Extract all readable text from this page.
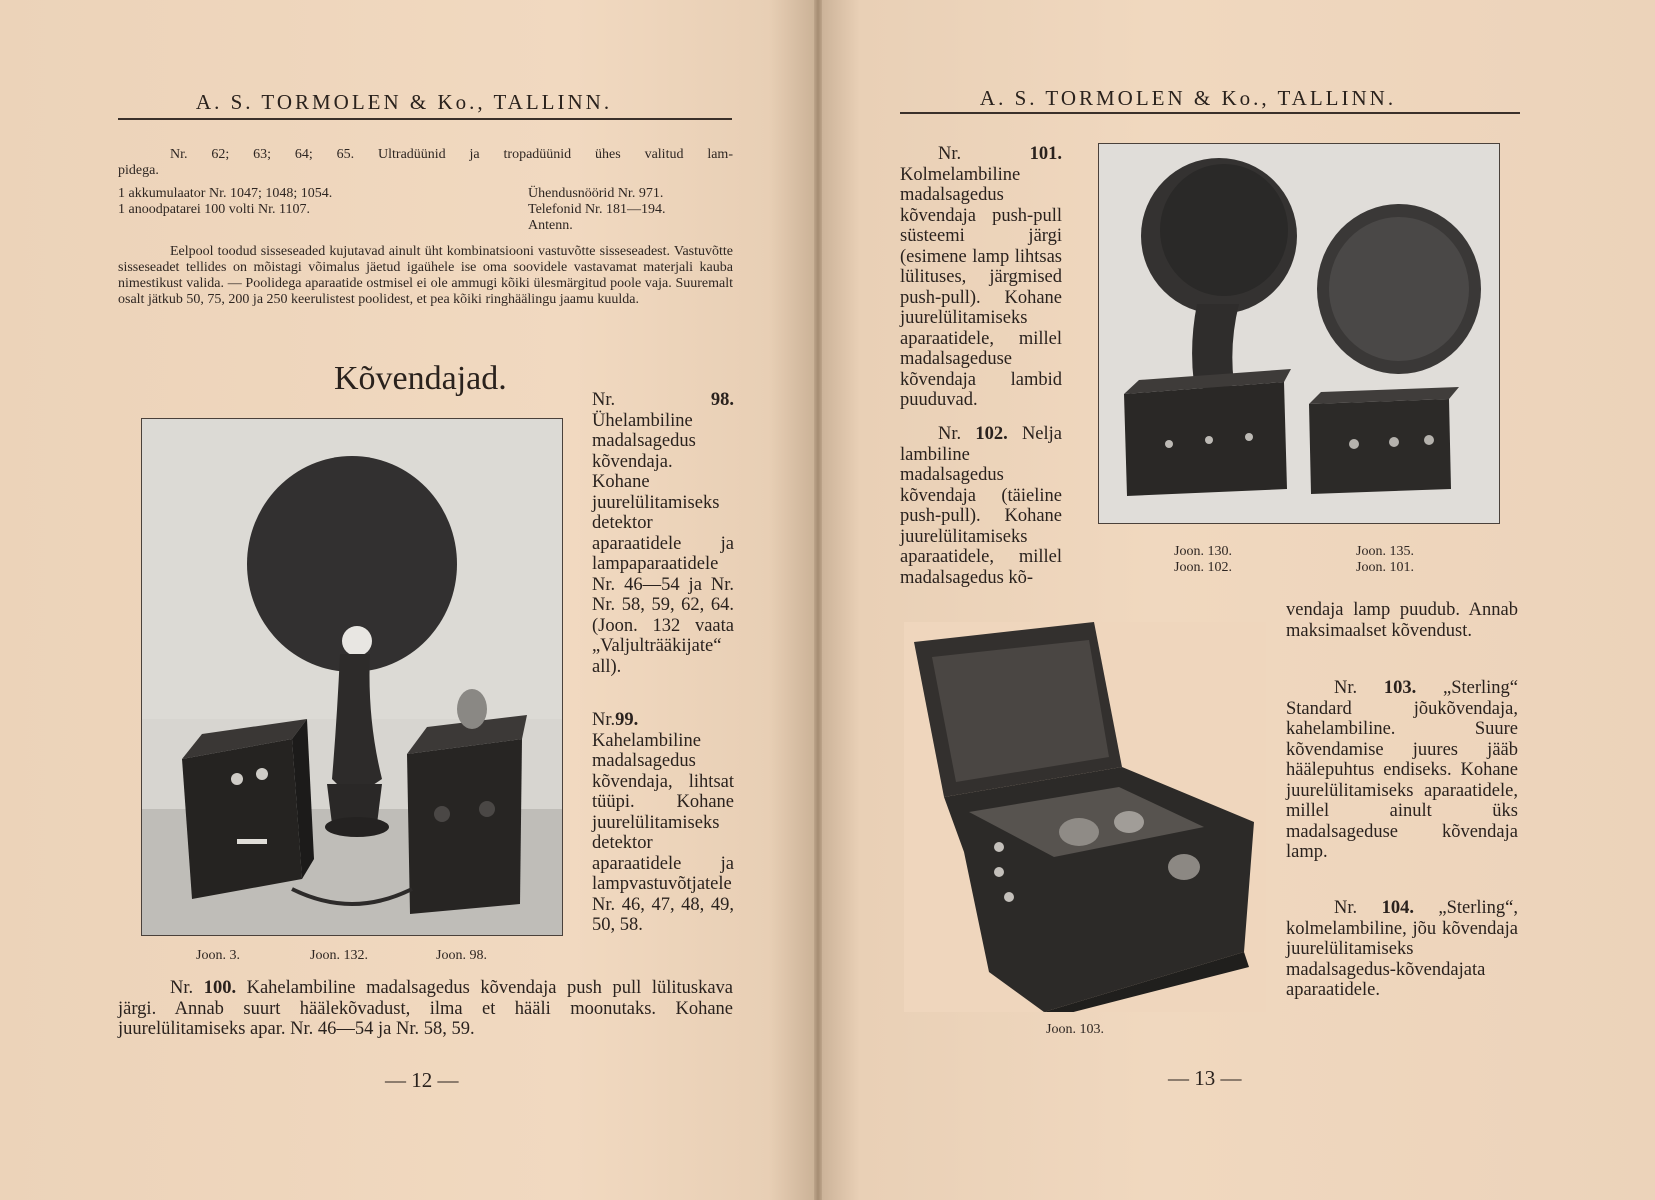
A. S. TORMOLEN & Ko., TALLINN.
Nr. 62; 63; 64; 65. Ultradüünid ja tropadüünid ühes valitud lam-
pidega.
1 akkumulaator Nr. 1047; 1048; 1054.
1 anoodpatarei 100 volti Nr. 1107.
Ühendusnöörid Nr. 971.
Telefonid Nr. 181—194.
Antenn.
Eelpool toodud sisseseaded kujutavad ainult üht kombinatsiooni vastuvõtte sisseseadest. Vastuvõtte sisseseadet tellides on mõistagi võimalus jäetud igaühele ise oma soovidele vastavamat materjali kauba nimestikust valida. — Poolidega aparaatide ostmisel ei ole ammugi kõiki ülesmärgitud poole vaja. Suuremalt osalt jätkub 50, 75, 200 ja 250 keerulistest poolidest, et pea kõiki ringhäälingu jaamu kuulda.
Kõvendajad.
Joon. 3.	Joon. 132.	Joon. 98.
Nr. 98. Ühelambiline madalsagedus kõvendaja. Kohane juurelülitamiseks detektor aparaatidele ja lampaparaatidele Nr. 46—54 ja Nr. Nr. 58, 59, 62, 64. (Joon. 132 vaata „Valjulträäkijate“ all).
Nr.99. Kahelambiline madalsagedus kõvendaja, lihtsat tüüpi. Kohane juurelülitamiseks detektor aparaatidele ja lampvastuvõtjatele Nr. 46, 47, 48, 49, 50, 58.
Nr. 100. Kahelambiline madalsagedus kõvendaja push pull lülituskava järgi. Annab suurt häälekõvadust, ilma et hääli moonutaks. Kohane juurelülitamiseks apar. Nr. 46—54 ja Nr. 58, 59.
— 12 —
A. S. TORMOLEN & Ko., TALLINN.
Nr. 101. Kolmelambiline madalsagedus kõvendaja push-pull süsteemi järgi (esimene lamp lihtsas lülituses, järgmised push-pull). Kohane juurelülitamiseks aparaatidele, millel madalsageduse kõvendaja lambid puuduvad.
Nr. 102. Nelja lambiline madalsagedus kõvendaja (täieline push-pull). Kohane juurelülitamiseks aparaatidele, millel madalsagedus kõ-
Joon. 130.
Joon. 102.
Joon. 135.
Joon. 101.
Joon. 103.
vendaja lamp puudub. Annab maksimaalset kõvendust.
Nr. 103. „Sterling“ Standard jõukõvendaja, kahelambiline. Suure kõvendamise juures jääb häälepuhtus endiseks. Kohane juurelülitamiseks aparaatidele, millel ainult üks madalsageduse kõvendaja lamp.
Nr. 104. „Sterling“, kolmelambiline, jõu kõvendaja juurelülitamiseks madalsagedus-kõvendajata aparaatidele.
— 13 —
